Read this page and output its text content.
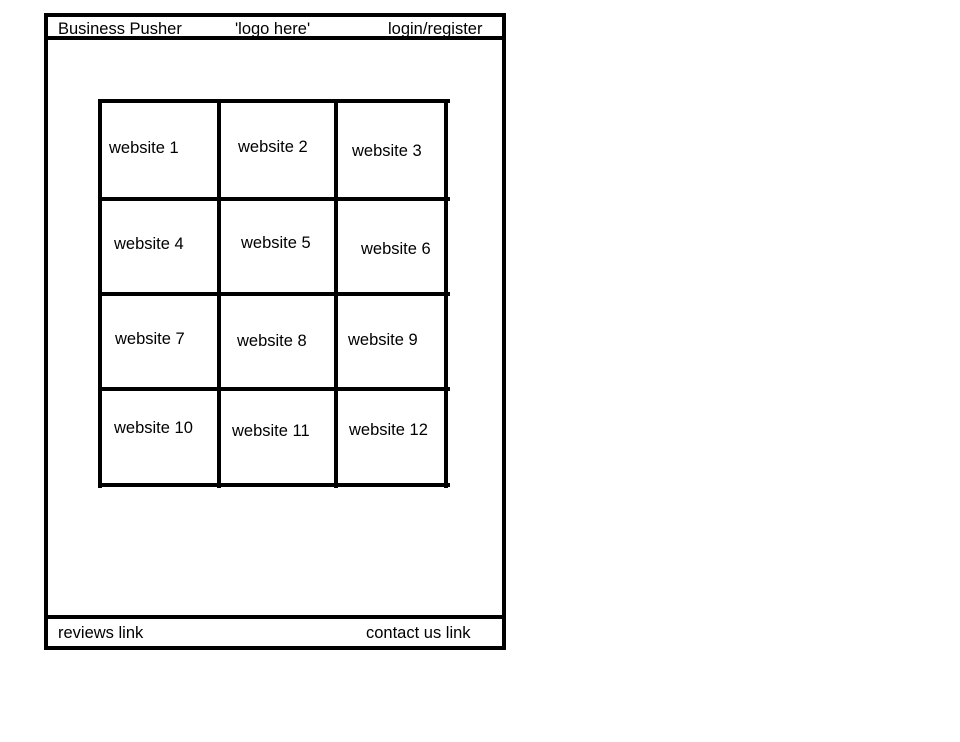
Business Pusher	'logo here'	login/register
reviews link	contact us link
website 1	website 2	website 3
website 4	website 5	website 6
website 7	website 8	website 9
website 10 website 11 website 12
